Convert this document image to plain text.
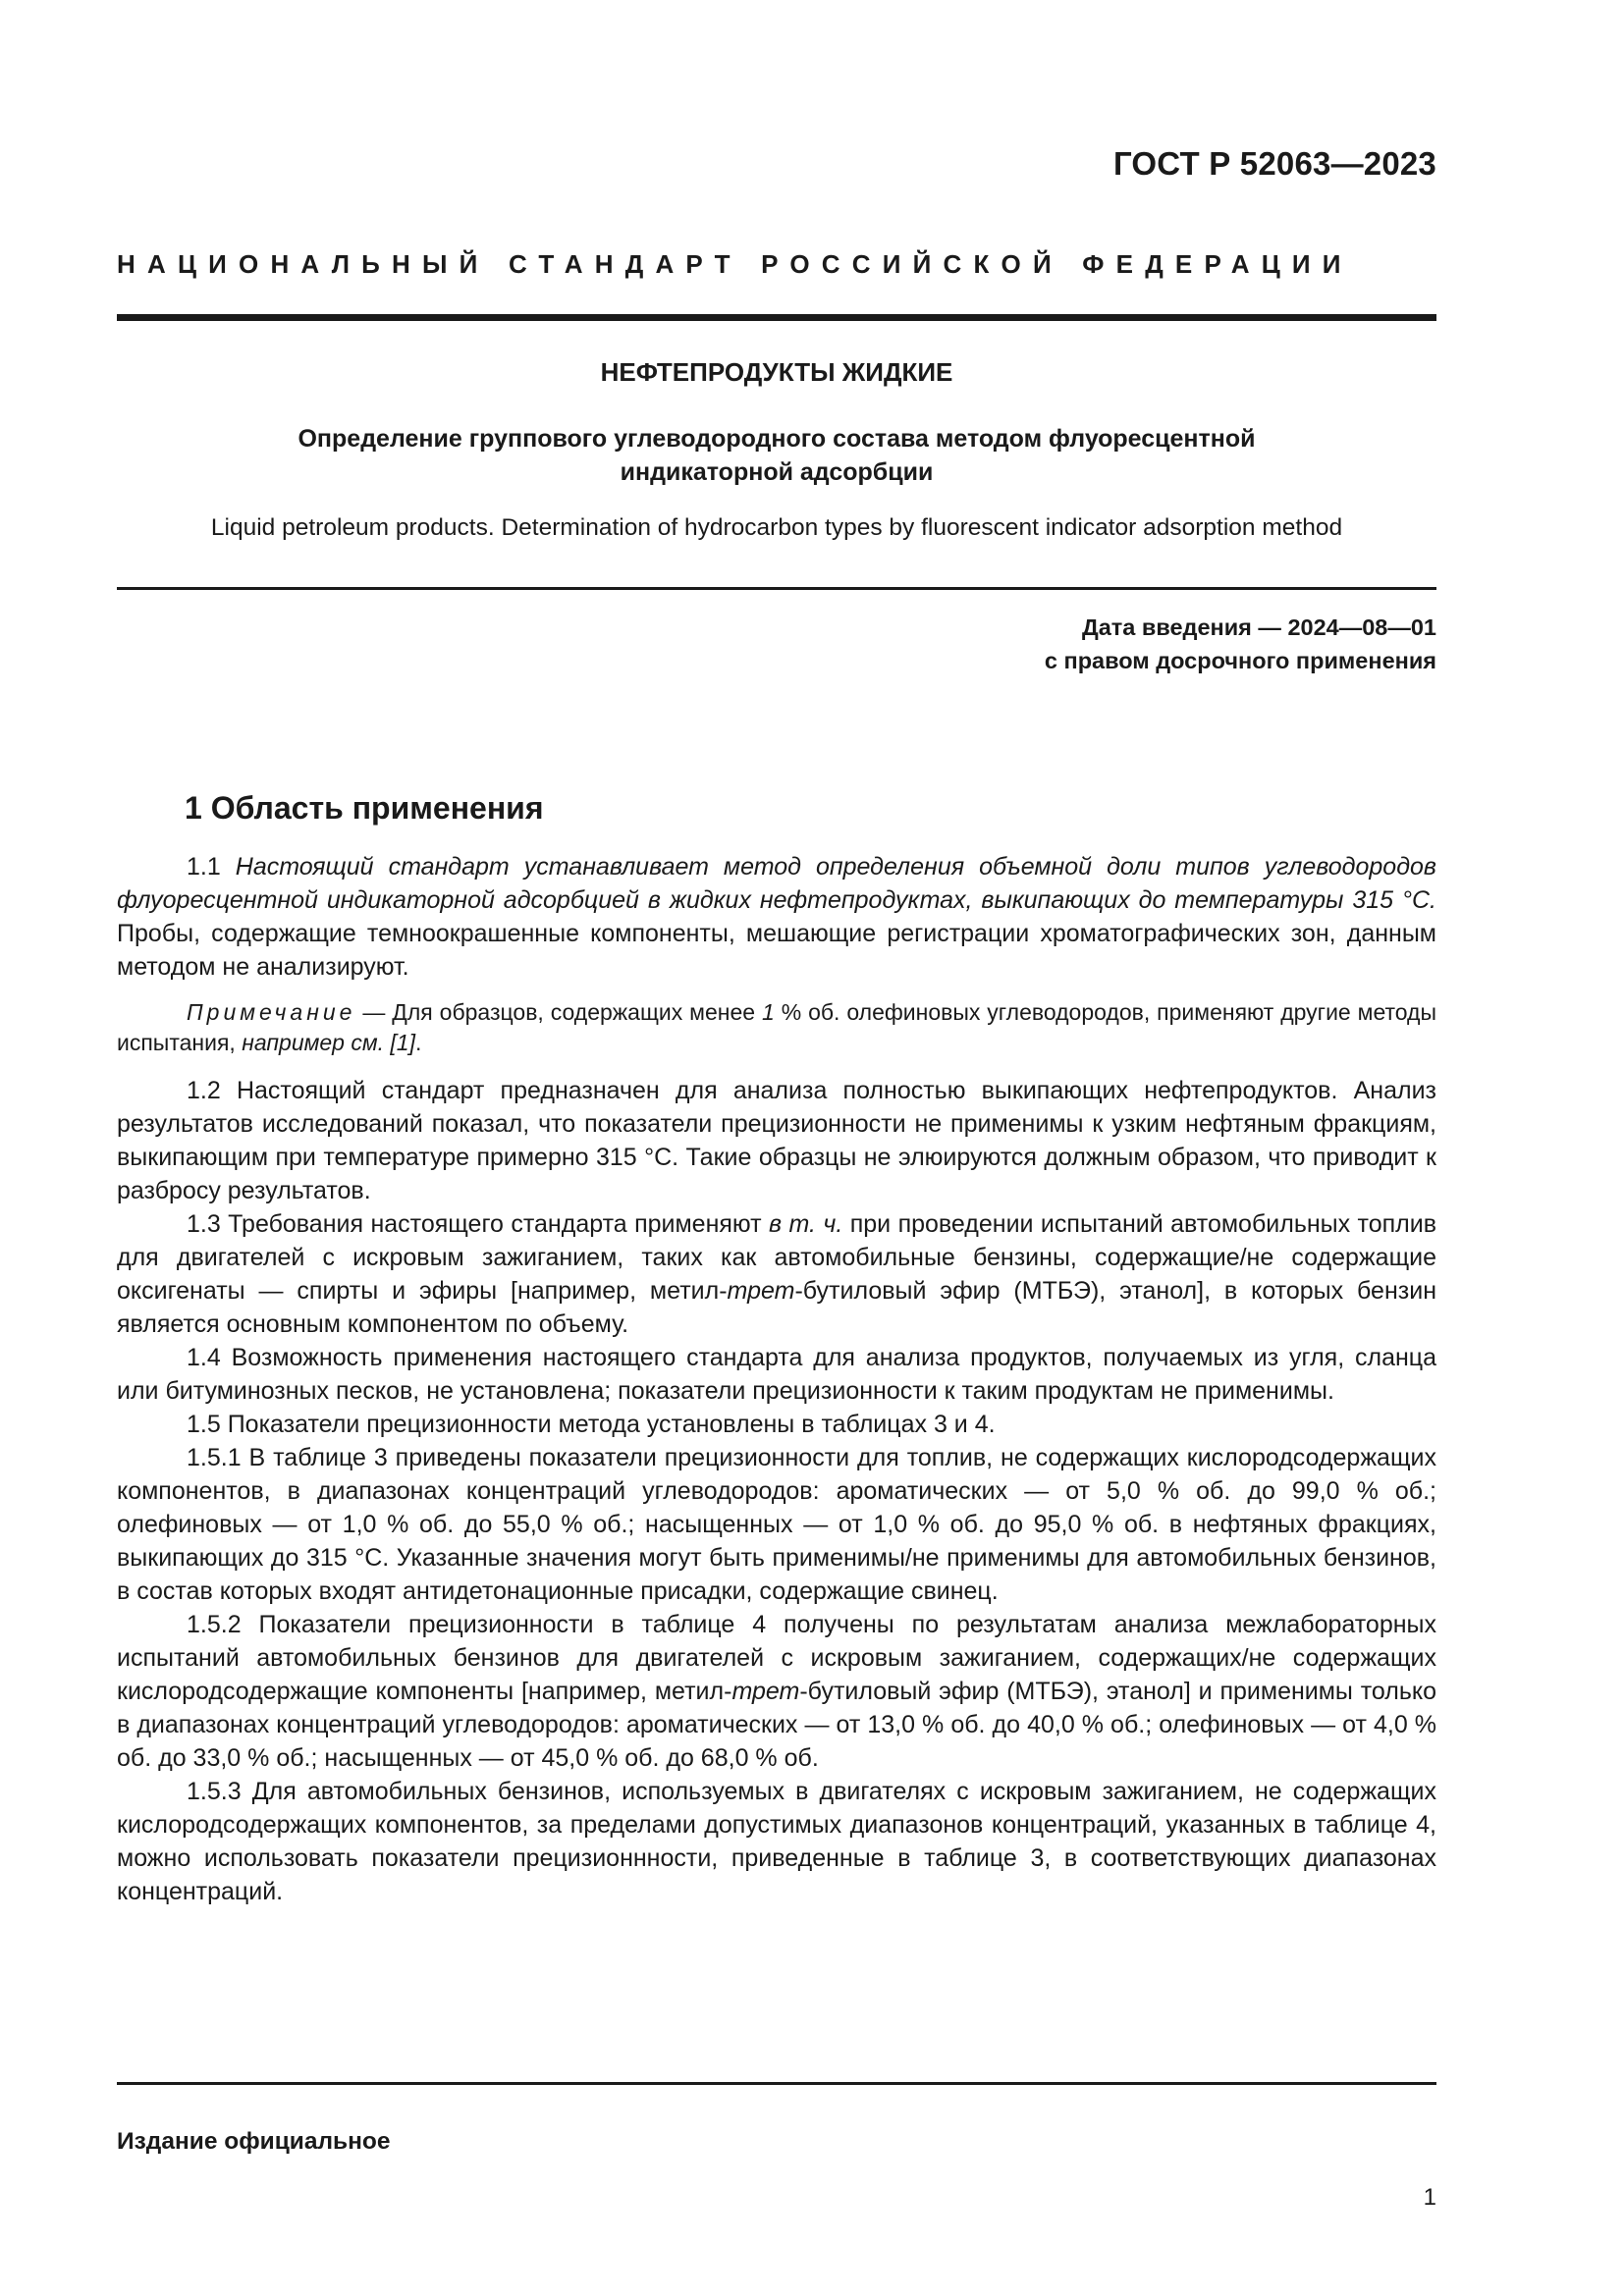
ГОСТ Р 52063—2023
НАЦИОНАЛЬНЫЙ СТАНДАРТ РОССИЙСКОЙ ФЕДЕРАЦИИ
НЕФТЕПРОДУКТЫ ЖИДКИЕ
Определение группового углеводородного состава методом флуоресцентной
индикаторной адсорбции
Liquid petroleum products. Determination of hydrocarbon types by fluorescent indicator adsorption method
Дата введения — 2024—08—01
с правом досрочного применения
1 Область применения

1.1 Настоящий стандарт устанавливает метод определения объемной доли типов углеводородов флуоресцентной индикаторной адсорбцией в жидких нефтепродуктах, выкипающих до температуры 315 °С. Пробы, содержащие темноокрашенные компоненты, мешающие регистрации хроматографических зон, данным методом не анализируют.

Примечание — Для образцов, содержащих менее 1 % об. олефиновых углеводородов, применяют другие методы испытания, например см. [1].

1.2 Настоящий стандарт предназначен для анализа полностью выкипающих нефтепродуктов. Анализ результатов исследований показал, что показатели прецизионности не применимы к узким нефтяным фракциям, выкипающим при температуре примерно 315 °С. Такие образцы не элюируются должным образом, что приводит к разбросу результатов.

1.3 Требования настоящего стандарта применяют в т. ч. при проведении испытаний автомобильных топлив для двигателей с искровым зажиганием, таких как автомобильные бензины, содержащие/не содержащие оксигенаты — спирты и эфиры [например, метил-трет-бутиловый эфир (МТБЭ), этанол], в которых бензин является основным компонентом по объему.

1.4 Возможность применения настоящего стандарта для анализа продуктов, получаемых из угля, сланца или битуминозных песков, не установлена; показатели прецизионности к таким продуктам не применимы.

1.5 Показатели прецизионности метода установлены в таблицах 3 и 4.

1.5.1 В таблице 3 приведены показатели прецизионности для топлив, не содержащих кислородсодержащих компонентов, в диапазонах концентраций углеводородов: ароматических — от 5,0 % об. до 99,0 % об.; олефиновых — от 1,0 % об. до 55,0 % об.; насыщенных — от 1,0 % об. до 95,0 % об. в нефтяных фракциях, выкипающих до 315 °С. Указанные значения могут быть применимы/не применимы для автомобильных бензинов, в состав которых входят антидетонационные присадки, содержащие свинец.

1.5.2 Показатели прецизионности в таблице 4 получены по результатам анализа межлабораторных испытаний автомобильных бензинов для двигателей с искровым зажиганием, содержащих/не содержащих кислородсодержащие компоненты [например, метил-трет-бутиловый эфир (МТБЭ), этанол] и применимы только в диапазонах концентраций углеводородов: ароматических — от 13,0 % об. до 40,0 % об.; олефиновых — от 4,0 % об. до 33,0 % об.; насыщенных — от 45,0 % об. до 68,0 % об.

1.5.3 Для автомобильных бензинов, используемых в двигателях с искровым зажиганием, не содержащих кислородсодержащих компонентов, за пределами допустимых диапазонов концентраций, указанных в таблице 4, можно использовать показатели прецизионнности, приведенные в таблице 3, в соответствующих диапазонах концентраций.

Издание официальное
1
